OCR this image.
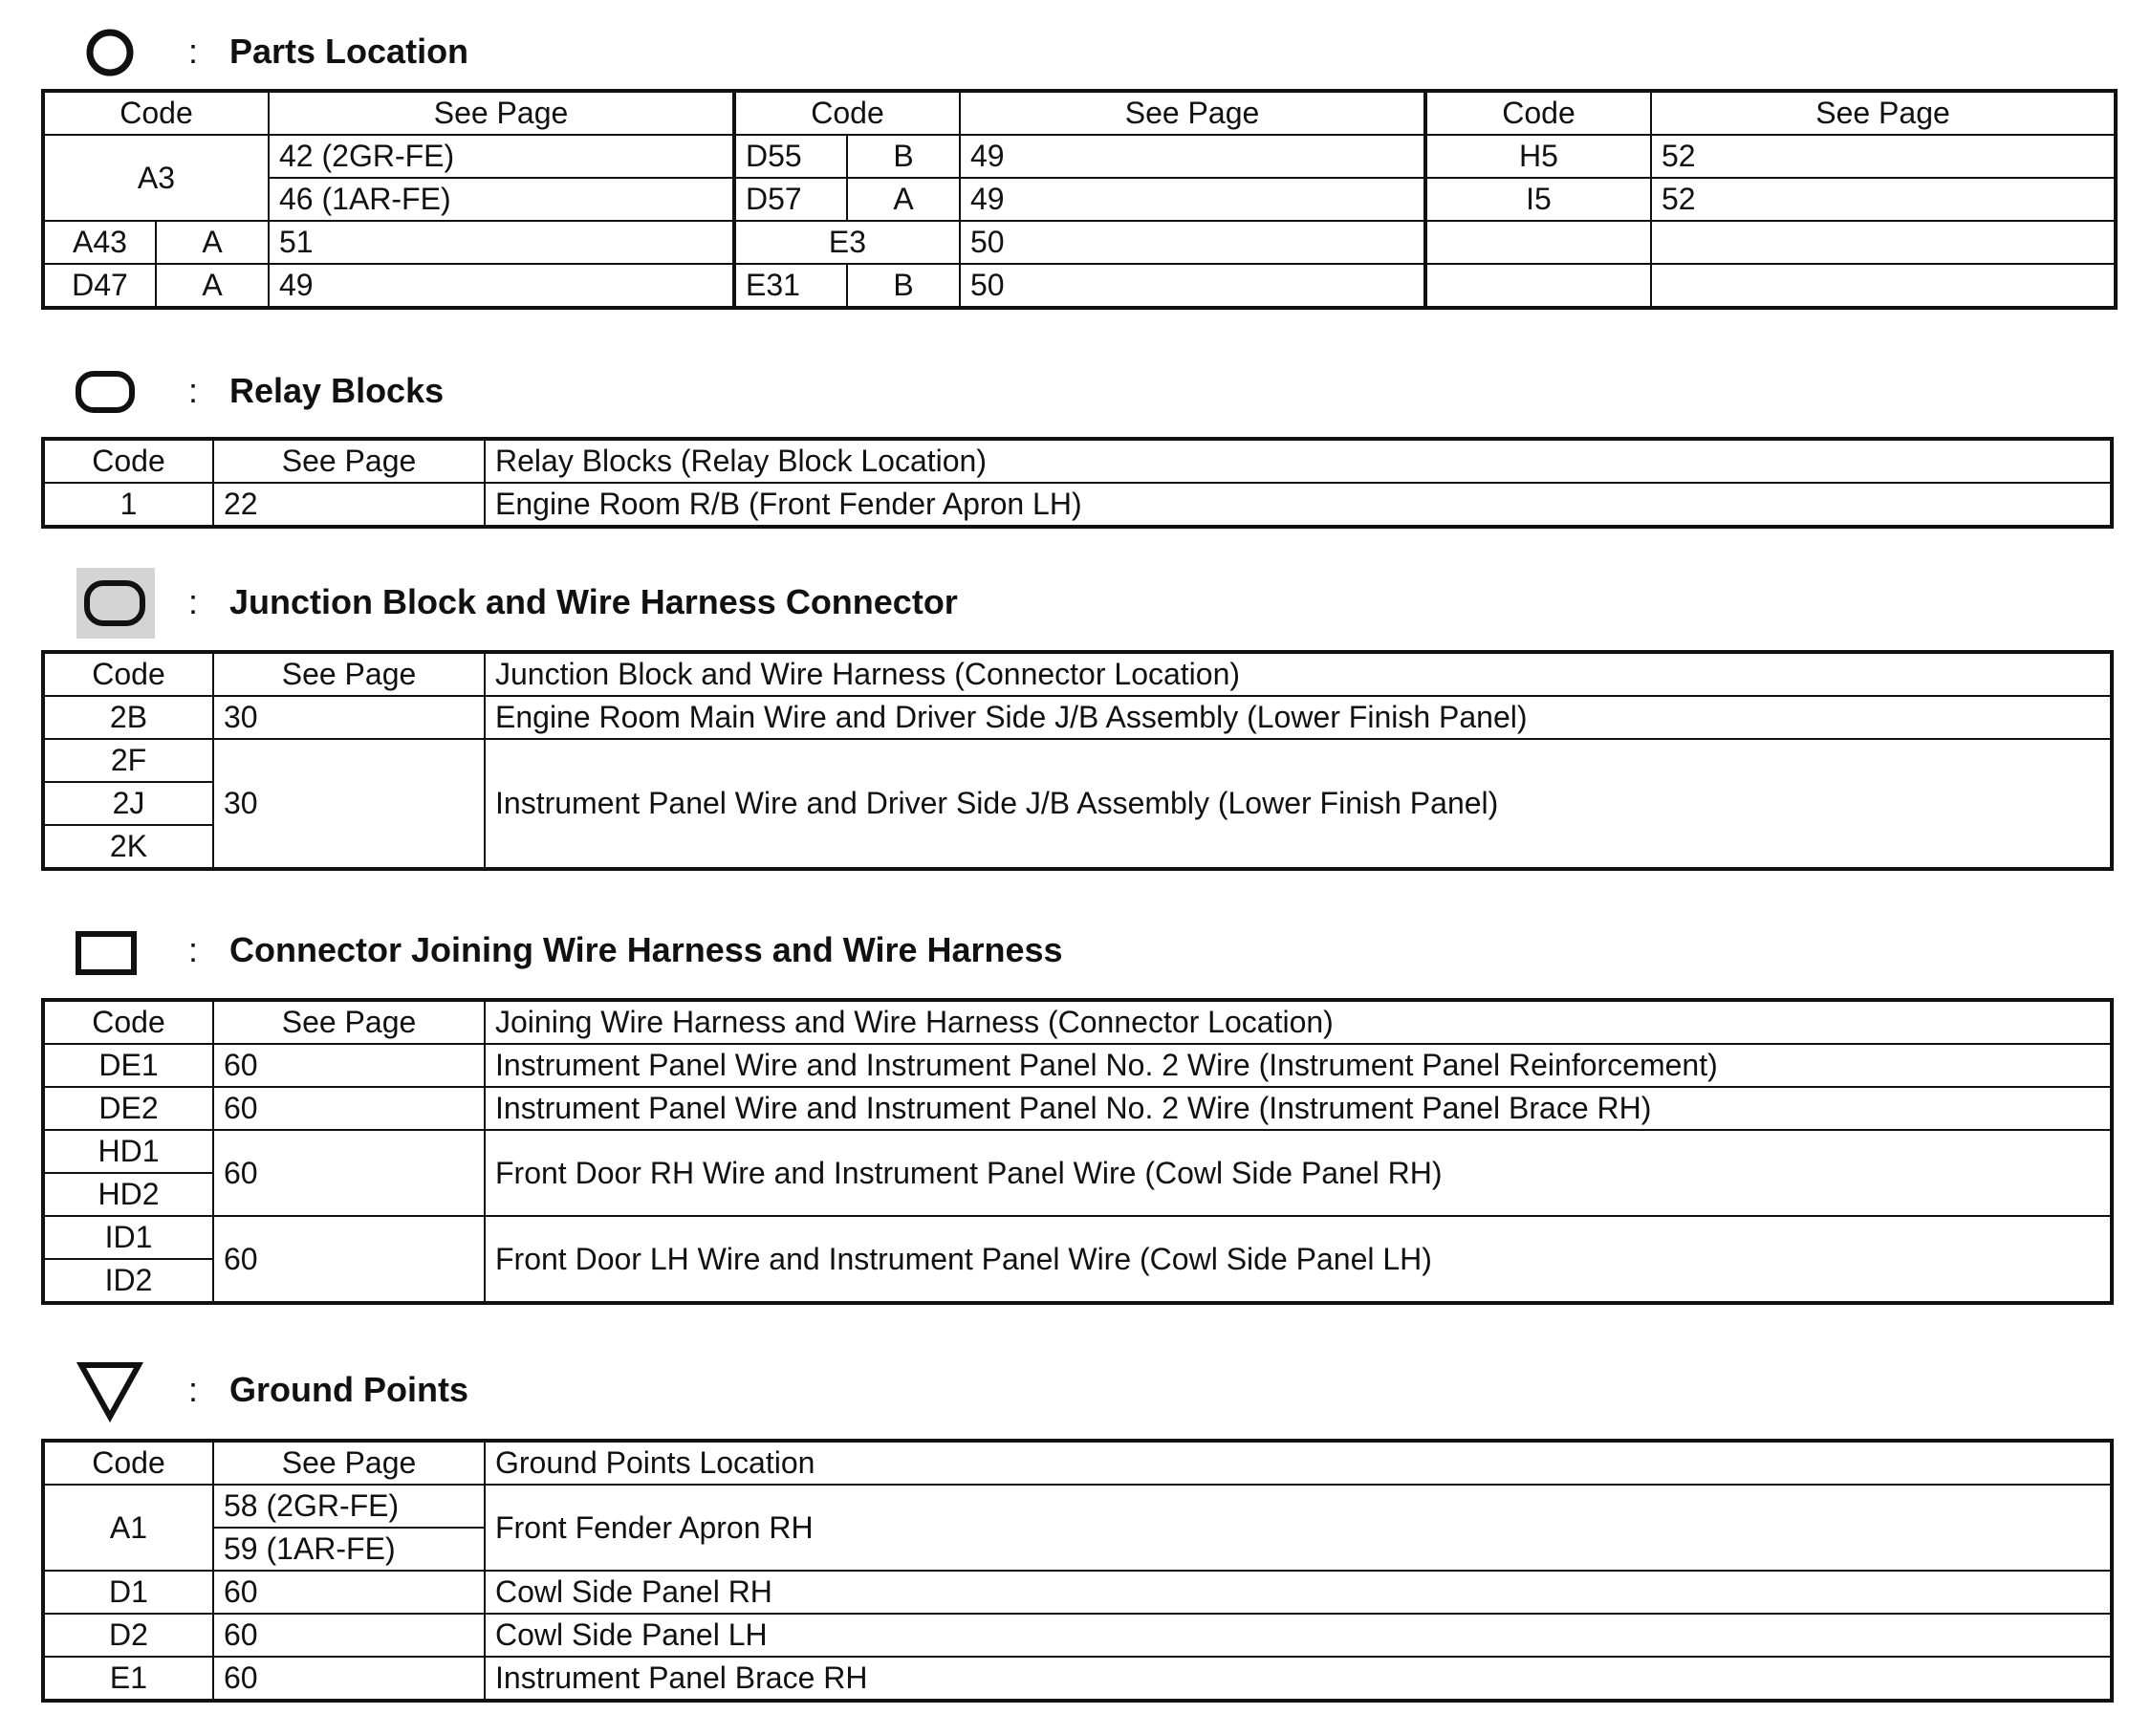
: Parts Location
Code		See Page	Code		See Page	Code	See Page
A3		42 (2GR-FE)	D55	B	49	H5	52
		46 (1AR-FE)	D57	A	49	I5	52
A43	A	51	E3		50		
D47	A	49	E31	B	50		
: Relay Blocks
Code	See Page	Relay Blocks (Relay Block Location)
1	22	Engine Room R/B (Front Fender Apron LH)
: Junction Block and Wire Harness Connector
Code	See Page	Junction Block and Wire Harness (Connector Location)
2B	30	Engine Room Main Wire and Driver Side J/B Assembly (Lower Finish Panel)
2F	30	Instrument Panel Wire and Driver Side J/B Assembly (Lower Finish Panel)
2J		
2K		
: Connector Joining Wire Harness and Wire Harness
Code	See Page	Joining Wire Harness and Wire Harness (Connector Location)
DE1	60	Instrument Panel Wire and Instrument Panel No. 2 Wire (Instrument Panel Reinforcement)
DE2	60	Instrument Panel Wire and Instrument Panel No. 2 Wire (Instrument Panel Brace RH)
HD1	60	Front Door RH Wire and Instrument Panel Wire (Cowl Side Panel RH)
HD2		
ID1	60	Front Door LH Wire and Instrument Panel Wire (Cowl Side Panel LH)
ID2		
: Ground Points
Code	See Page	Ground Points Location
A1	58 (2GR-FE)	Front Fender Apron RH
	59 (1AR-FE)	
D1	60	Cowl Side Panel RH
D2	60	Cowl Side Panel LH
E1	60	Instrument Panel Brace RH
